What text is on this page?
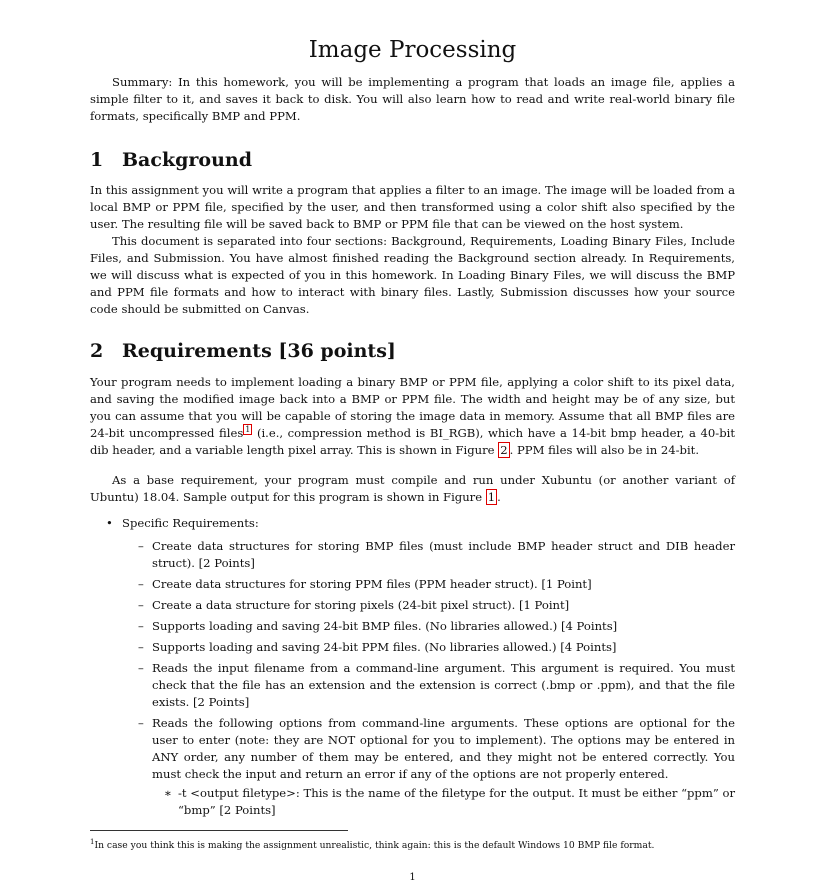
Image Processing

Summary: In this homework, you will be implementing a program that loads an image file, applies a simple filter to it, and saves it back to disk. You will also learn how to read and write real-world binary file formats, specifically BMP and PPM.

1 Background

In this assignment you will write a program that applies a filter to an image. The image will be loaded from a local BMP or PPM file, specified by the user, and then transformed using a color shift also specified by the user. The resulting file will be saved back to BMP or PPM file that can be viewed on the host system.

This document is separated into four sections: Background, Requirements, Loading Binary Files, Include Files, and Submission. You have almost finished reading the Background section already. In Requirements, we will discuss what is expected of you in this homework. In Loading Binary Files, we will discuss the BMP and PPM file formats and how to interact with binary files. Lastly, Submission discusses how your source code should be submitted on Canvas.

2 Requirements [36 points]

Your program needs to implement loading a binary BMP or PPM file, applying a color shift to its pixel data, and saving the modified image back into a BMP or PPM file. The width and height may be of any size, but you can assume that you will be capable of storing the image data in memory. Assume that all BMP files are 24-bit uncompressed files $^1$ (i.e., compression method is BI_RGB), which have a 14-bit bmp header, a 40-bit dib header, and a variable length pixel array. This is shown in Figure 2 . PPM files will also be in 24-bit.

As a base requirement, your program must compile and run under Xubuntu (or another variant of Ubuntu) 18.04. Sample output for this program is shown in Figure 1 .

• Specific Requirements:
– Create data structures for storing BMP files (must include BMP header struct and DIB header struct). [2 Points]
– Create data structures for storing PPM files (PPM header struct). [1 Point]
– Create a data structure for storing pixels (24-bit pixel struct). [1 Point]
– Supports loading and saving 24-bit BMP files. (No libraries allowed.) [4 Points]
– Supports loading and saving 24-bit PPM files. (No libraries allowed.) [4 Points]
– Reads the input filename from a command-line argument. This argument is required. You must check that the file has an extension and the extension is correct (.bmp or .ppm), and that the file exists. [2 Points]
– Reads the following options from command-line arguments. These options are optional for the user to enter (note: they are NOT optional for you to implement). The options may be entered in ANY order, any number of them may be entered, and they might not be entered correctly. You must check the input and return an error if any of the options are not properly entered.
∗ -t <output filetype>: This is the name of the filetype for the output. It must be either “ppm” or “bmp” [2 Points]

$^1$In case you think this is making the assignment unrealistic, think again: this is the default Windows 10 BMP file format.

1
